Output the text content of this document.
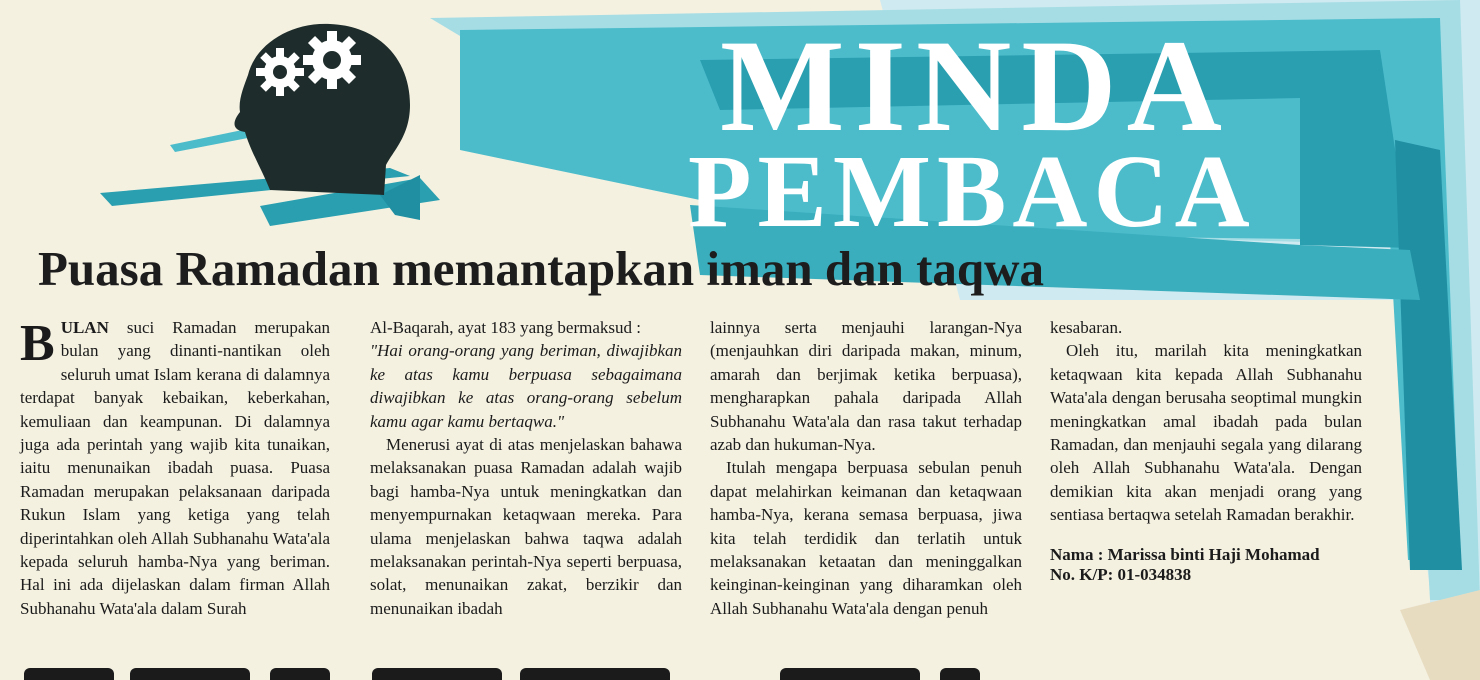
MINDA
PEMBACA
Puasa Ramadan memantapkan iman dan taqwa

BULAN suci Ramadan merupakan bulan yang dinanti-nantikan oleh seluruh umat Islam kerana di dalamnya terdapat banyak kebaikan, keberkahan, kemuliaan dan keampunan. Di dalamnya juga ada perintah yang wajib kita tunaikan, iaitu menunaikan ibadah puasa. Puasa Ramadan merupakan pelaksanaan daripada Rukun Islam yang ketiga yang telah diperintahkan oleh Allah Subhanahu Wata'ala kepada seluruh hamba-Nya yang beriman. Hal ini ada dijelaskan dalam firman Allah Subhanahu Wata'ala dalam Surah

Al-Baqarah, ayat 183 yang bermaksud :

"Hai orang-orang yang beriman, diwajibkan ke atas kamu berpuasa sebagaimana diwajibkan ke atas orang-orang sebelum kamu agar kamu bertaqwa."

Menerusi ayat di atas menjelaskan bahawa melaksanakan puasa Ramadan adalah wajib bagi hamba-Nya untuk meningkatkan dan menyempurnakan ketaqwaan mereka. Para ulama menjelaskan bahwa taqwa adalah melaksanakan perintah-Nya seperti berpuasa, solat, menunaikan zakat, berzikir dan menunaikan ibadah

lainnya serta menjauhi larangan-Nya (menjauhkan diri daripada makan, minum, amarah dan berjimak ketika berpuasa), mengharapkan pahala daripada Allah Subhanahu Wata'ala dan rasa takut terhadap azab dan hukuman-Nya.

Itulah mengapa berpuasa sebulan penuh dapat melahirkan keimanan dan ketaqwaan hamba-Nya, kerana semasa berpuasa, jiwa kita telah terdidik dan terlatih untuk melaksanakan ketaatan dan meninggalkan keinginan-keinginan yang diharamkan oleh Allah Subhanahu Wata'ala dengan penuh

kesabaran.

Oleh itu, marilah kita meningkatkan ketaqwaan kita kepada Allah Subhanahu Wata'ala dengan berusaha seoptimal mungkin meningkatkan amal ibadah pada bulan Ramadan, dan menjauhi segala yang dilarang oleh Allah Subhanahu Wata'ala. Dengan demikian kita akan menjadi orang yang sentiasa bertaqwa setelah Ramadan berakhir.

Nama : Marissa binti Haji Mohamad
No. K/P: 01-034838
